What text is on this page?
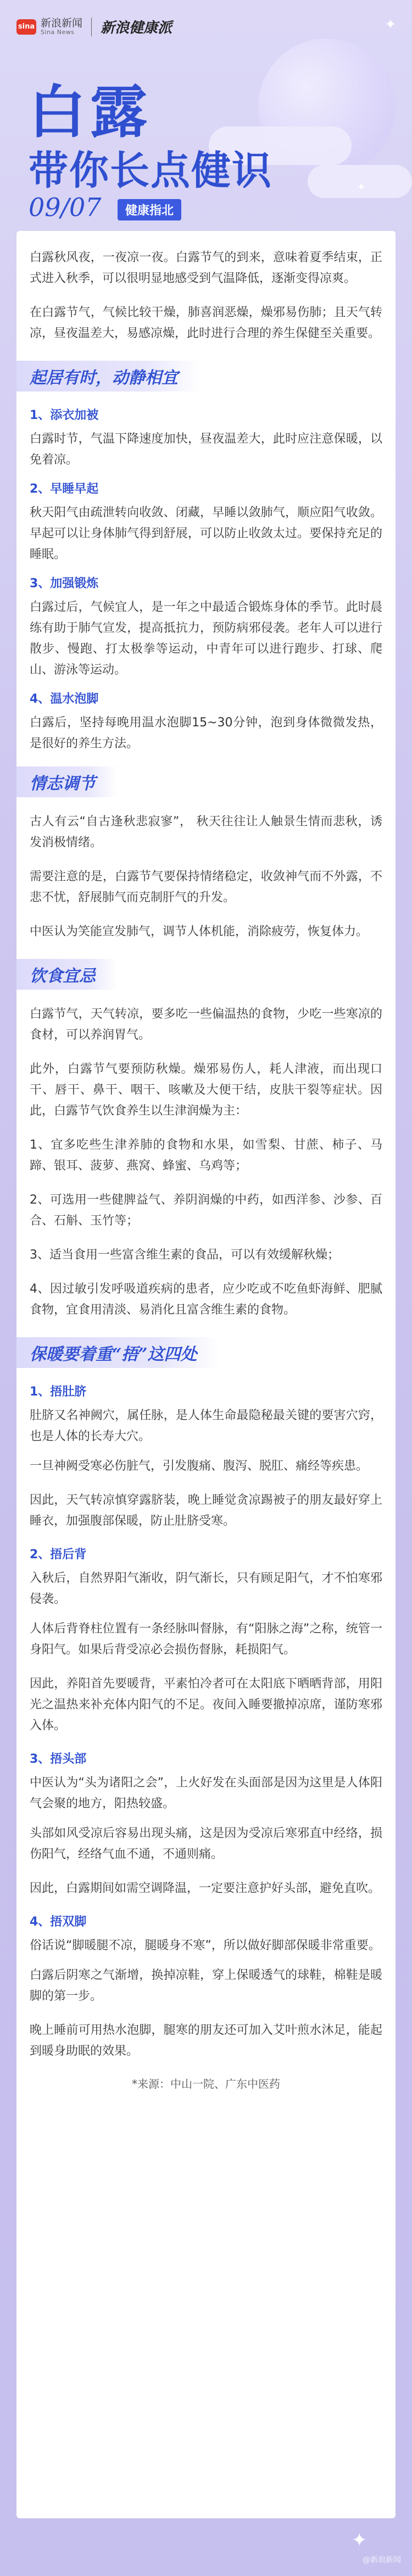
✦
✦
sina 新浪新闻
Sina News	新浪健康派
白露
带你长点健识
09/07	健康指北

白露秋风夜，一夜凉一夜。白露节气的到来，意味着夏季结束，正式进入秋季，可以很明显地感受到气温降低，逐渐变得凉爽。

在白露节气，气候比较干燥，肺喜润恶燥，燥邪易伤肺；且天气转凉，昼夜温差大，易感凉燥，此时进行合理的养生保健至关重要。

起居有时，动静相宜
1、添衣加被

白露时节，气温下降速度加快，昼夜温差大，此时应注意保暖，以免着凉。

2、早睡早起

秋天阳气由疏泄转向收敛、闭藏，早睡以敛肺气，顺应阳气收敛。早起可以让身体肺气得到舒展，可以防止收敛太过。要保持充足的睡眠。

3、加强锻炼

白露过后，气候宜人，是一年之中最适合锻炼身体的季节。此时晨练有助于肺气宣发，提高抵抗力，预防病邪侵袭。老年人可以进行散步、慢跑、打太极拳等运动，中青年可以进行跑步、打球、爬山、游泳等运动。

4、温水泡脚

白露后，坚持每晚用温水泡脚15~30分钟，泡到身体微微发热，是很好的养生方法。

情志调节

古人有云“自古逢秋悲寂寥”， 秋天往往让人触景生情而悲秋，诱发消极情绪。

需要注意的是，白露节气要保持情绪稳定，收敛神气而不外露，不悲不忧，舒展肺气而克制肝气的升发。

中医认为笑能宣发肺气，调节人体机能，消除疲劳，恢复体力。

饮食宜忌

白露节气，天气转凉，要多吃一些偏温热的食物，少吃一些寒凉的食材，可以养润胃气。

此外，白露节气要预防秋燥。燥邪易伤人，耗人津液，而出现口干、唇干、鼻干、咽干、咳嗽及大便干结，皮肤干裂等症状。因此，白露节气饮食养生以生津润燥为主：

1、宜多吃些生津养肺的食物和水果，如雪梨、甘蔗、柿子、马蹄、银耳、菠萝、燕窝、蜂蜜、乌鸡等；

2、可选用一些健脾益气、养阴润燥的中药，如西洋参、沙参、百合、石斛、玉竹等；

3、适当食用一些富含维生素的食品，可以有效缓解秋燥；

4、因过敏引发呼吸道疾病的患者，应少吃或不吃鱼虾海鲜、肥腻食物，宜食用清淡、易消化且富含维生素的食物。

保暖要着重“捂”这四处
1、捂肚脐

肚脐又名神阙穴，属任脉，是人体生命最隐秘最关键的要害穴窍，也是人体的长寿大穴。

一旦神阙受寒必伤脏气，引发腹痛、腹泻、脱肛、痛经等疾患。

因此，天气转凉慎穿露脐装，晚上睡觉贪凉踢被子的朋友最好穿上睡衣，加强腹部保暖，防止肚脐受寒。

2、捂后背

入秋后，自然界阳气渐收，阴气渐长，只有顾足阳气，才不怕寒邪侵袭。

人体后背脊柱位置有一条经脉叫督脉，有“阳脉之海”之称，统管一身阳气。如果后背受凉必会损伤督脉，耗损阳气。

因此，养阳首先要暖背，平素怕冷者可在太阳底下晒晒背部，用阳光之温热来补充体内阳气的不足。夜间入睡要撤掉凉席，谨防寒邪入体。

3、捂头部

中医认为“头为诸阳之会”，上火好发在头面部是因为这里是人体阳气会聚的地方，阳热较盛。

头部如风受凉后容易出现头痛，这是因为受凉后寒邪直中经络，损伤阳气，经络气血不通，不通则痛。

因此，白露期间如需空调降温，一定要注意护好头部，避免直吹。

4、捂双脚

俗话说“脚暖腿不凉，腿暖身不寒”，所以做好脚部保暖非常重要。

白露后阴寒之气渐增，换掉凉鞋，穿上保暖透气的球鞋，棉鞋是暖脚的第一步。

晚上睡前可用热水泡脚，腿寒的朋友还可加入艾叶煎水沐足，能起到暖身助眠的效果。

*来源：中山一院、广东中医药
✦
@新浪新闻
